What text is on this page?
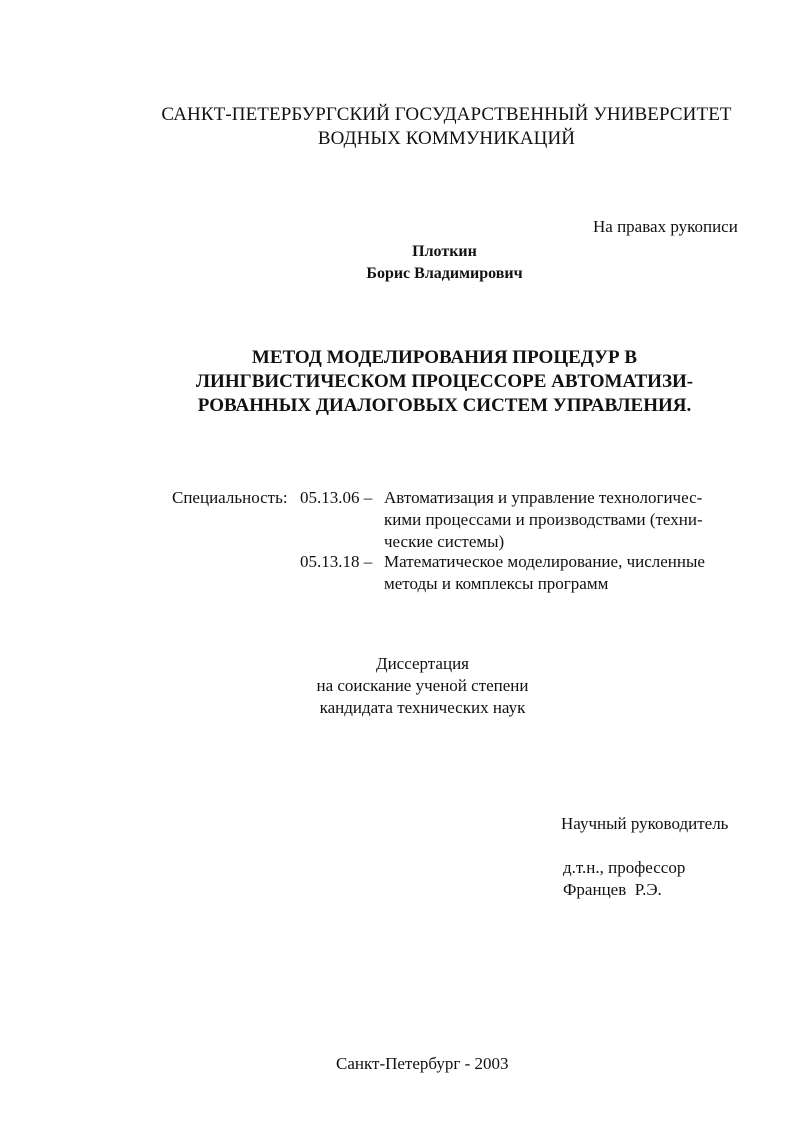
САНКТ-ПЕТЕРБУРГСКИЙ ГОСУДАРСТВЕННЫЙ УНИВЕРСИТЕТ
ВОДНЫХ КОММУНИКАЦИЙ
На правах рукописи
Плоткин
Борис Владимирович
МЕТОД МОДЕЛИРОВАНИЯ ПРОЦЕДУР В
ЛИНГВИСТИЧЕСКОМ ПРОЦЕССОРЕ АВТОМАТИЗИ-
РОВАННЫХ ДИАЛОГОВЫХ СИСТЕМ УПРАВЛЕНИЯ.
Специальность: 05.13.06 – Автоматизация и управление технологичес-
кими процессами и производствами (техни-
ческие системы)
05.13.18 – Математическое моделирование, численные
методы и комплексы программ
Диссертация
на соискание ученой степени
кандидата технических наук
Научный руководитель
д.т.н., профессор
Францев  Р.Э.
Санкт-Петербург - 2003
